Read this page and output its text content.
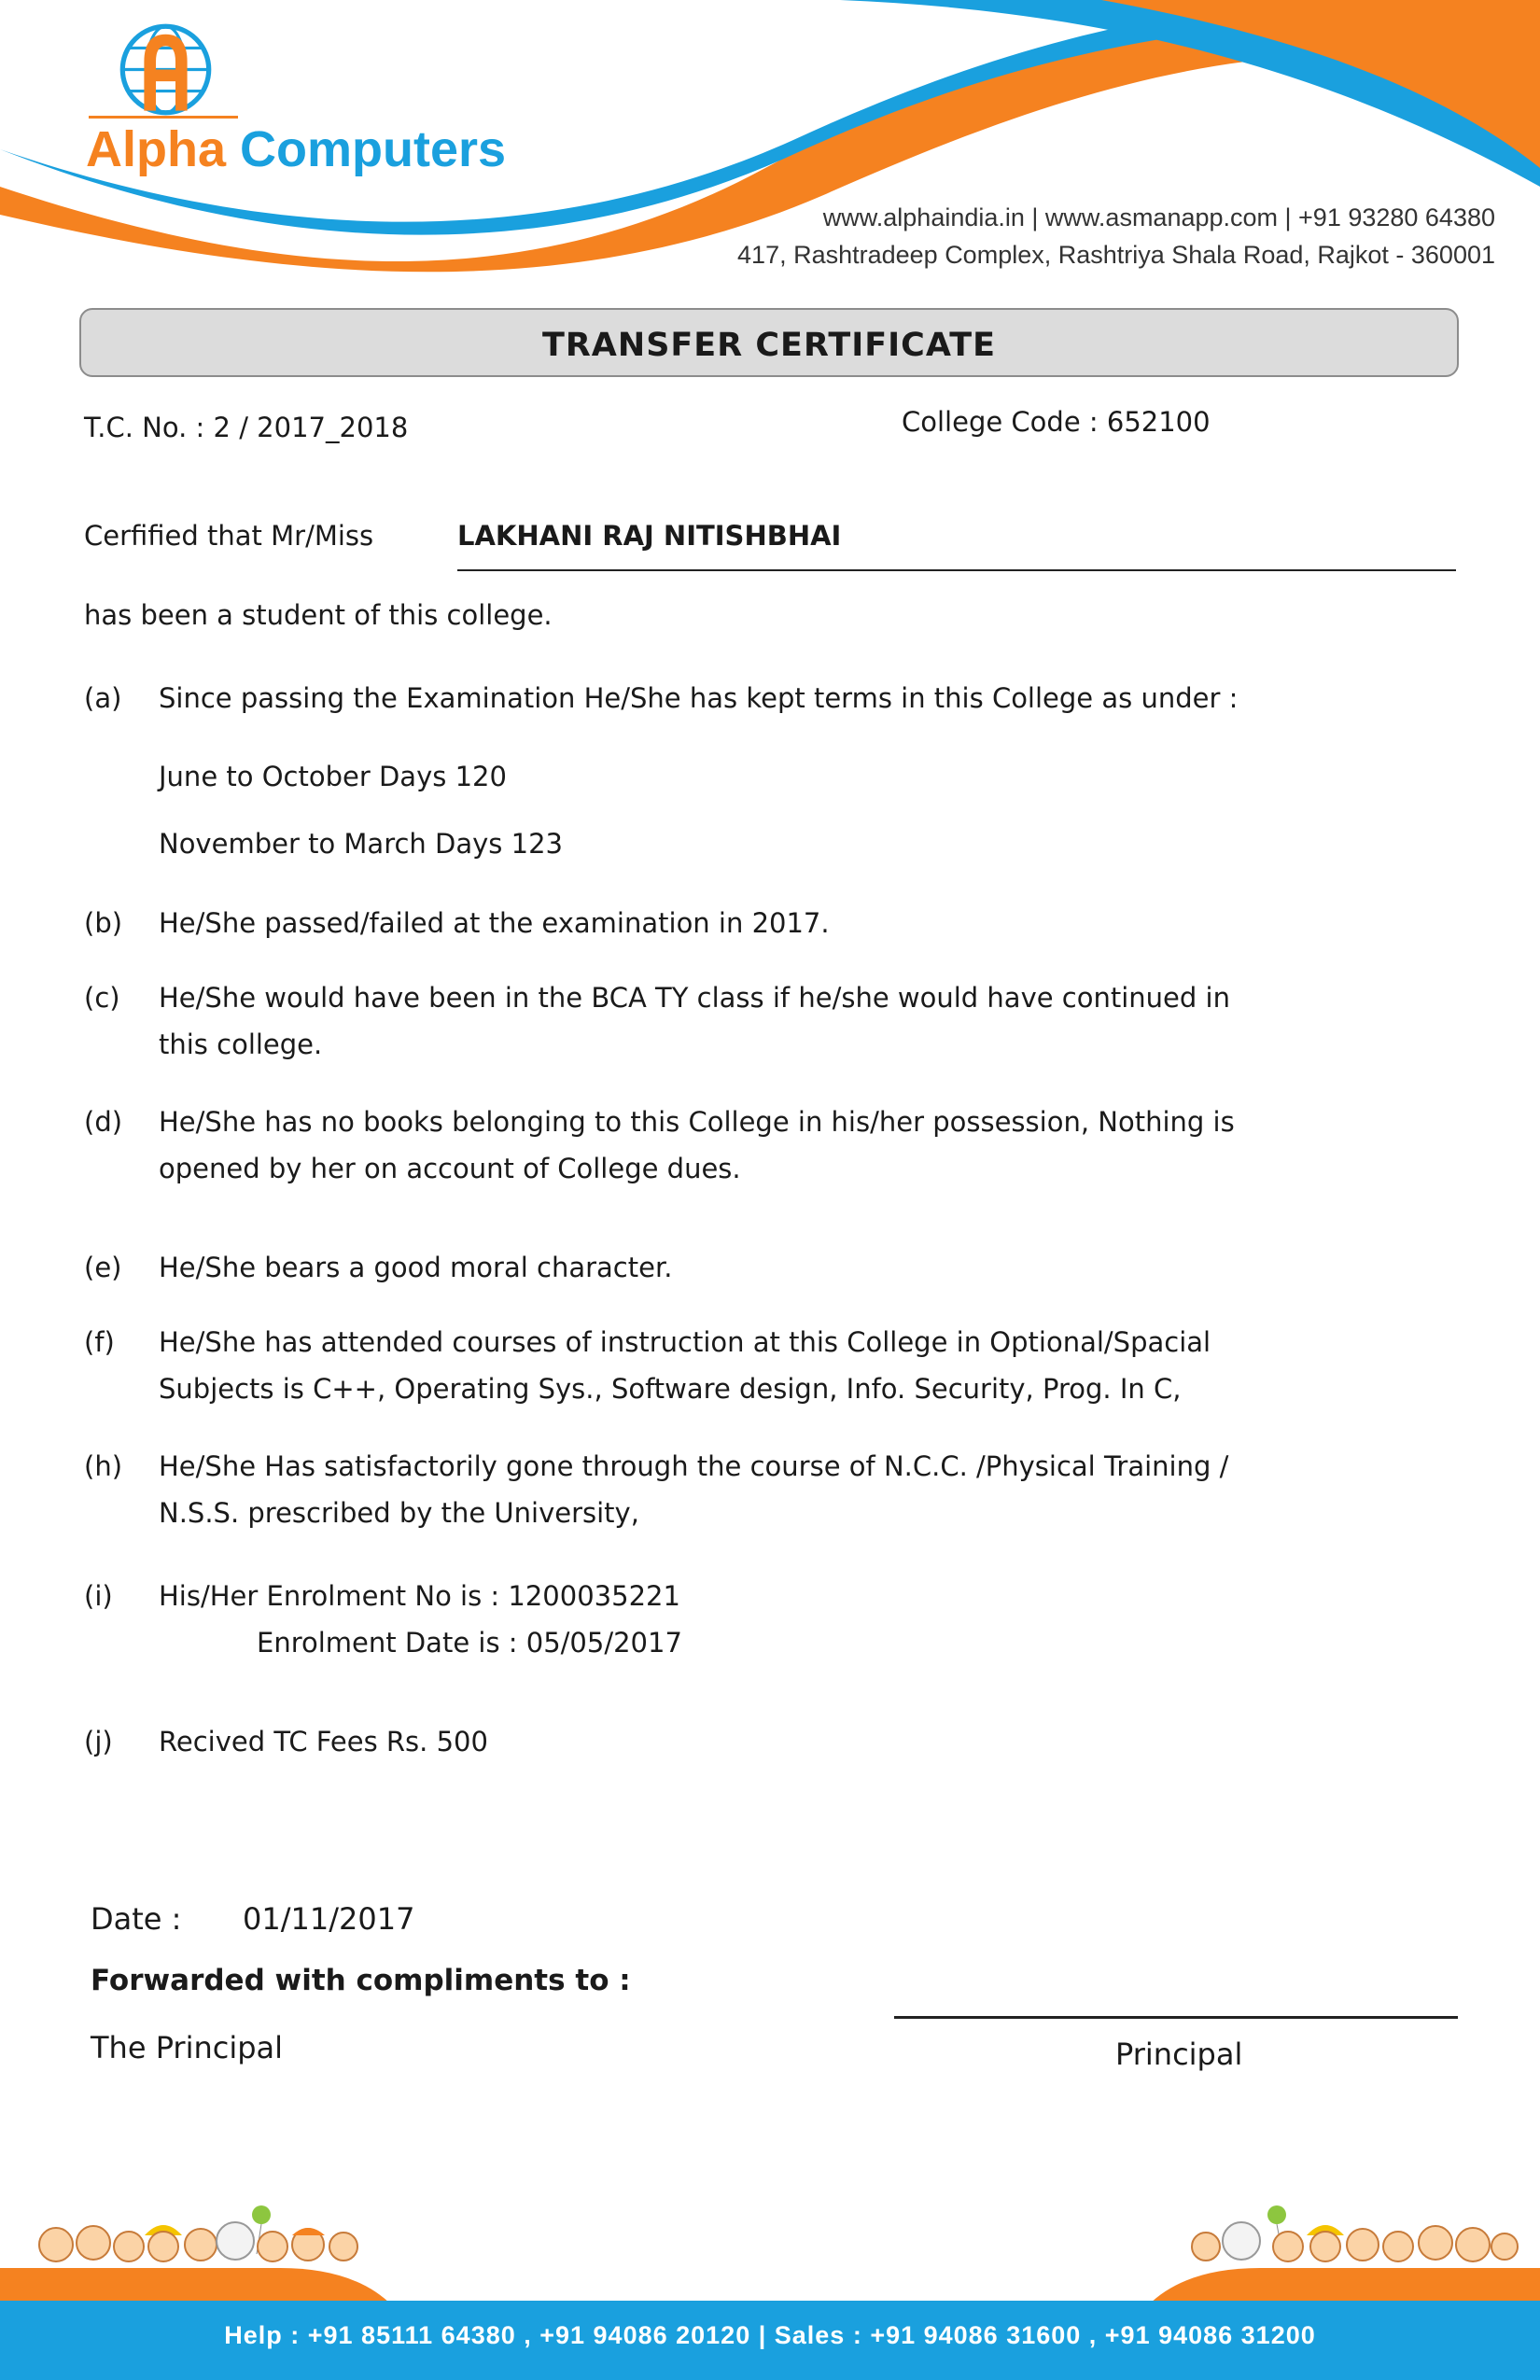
Alpha Computers
www.alphaindia.in | www.asmanapp.com | +91 93280 64380
417, Rashtradeep Complex, Rashtriya Shala Road, Rajkot - 360001
TRANSFER CERTIFICATE
T.C. No. : 2 / 2017_2018	College Code : 652100
Cerfified that Mr/Miss	LAKHANI RAJ NITISHBHAI
has been a student of this college.
(a) Since passing the Examination He/She has kept terms in this College as under :
June to October Days 120
November to March Days 123
(b) He/She passed/failed at the examination in 2017.
(c) He/She would have been in the BCA TY class if he/she would have continued in
this college.
(d) He/She has no books belonging to this College in his/her possession, Nothing is
opened by her on account of College dues.
(e) He/She bears a good moral character.
(f) He/She has attended courses of instruction at this College in Optional/Spacial
Subjects is C++, Operating Sys., Software design, Info. Security, Prog. In C,
(h) He/She Has satisfactorily gone through the course of N.C.C. /Physical Training /
N.S.S. prescribed by the University,
(i) His/Her Enrolment No is : 1200035221
Enrolment Date is : 05/05/2017
(j) Recived TC Fees Rs. 500
Date : 01/11/2017
Forwarded with compliments to :
The Principal	Principal
Help : +91 85111 64380 , +91 94086 20120 | Sales : +91 94086 31600 , +91 94086 31200
